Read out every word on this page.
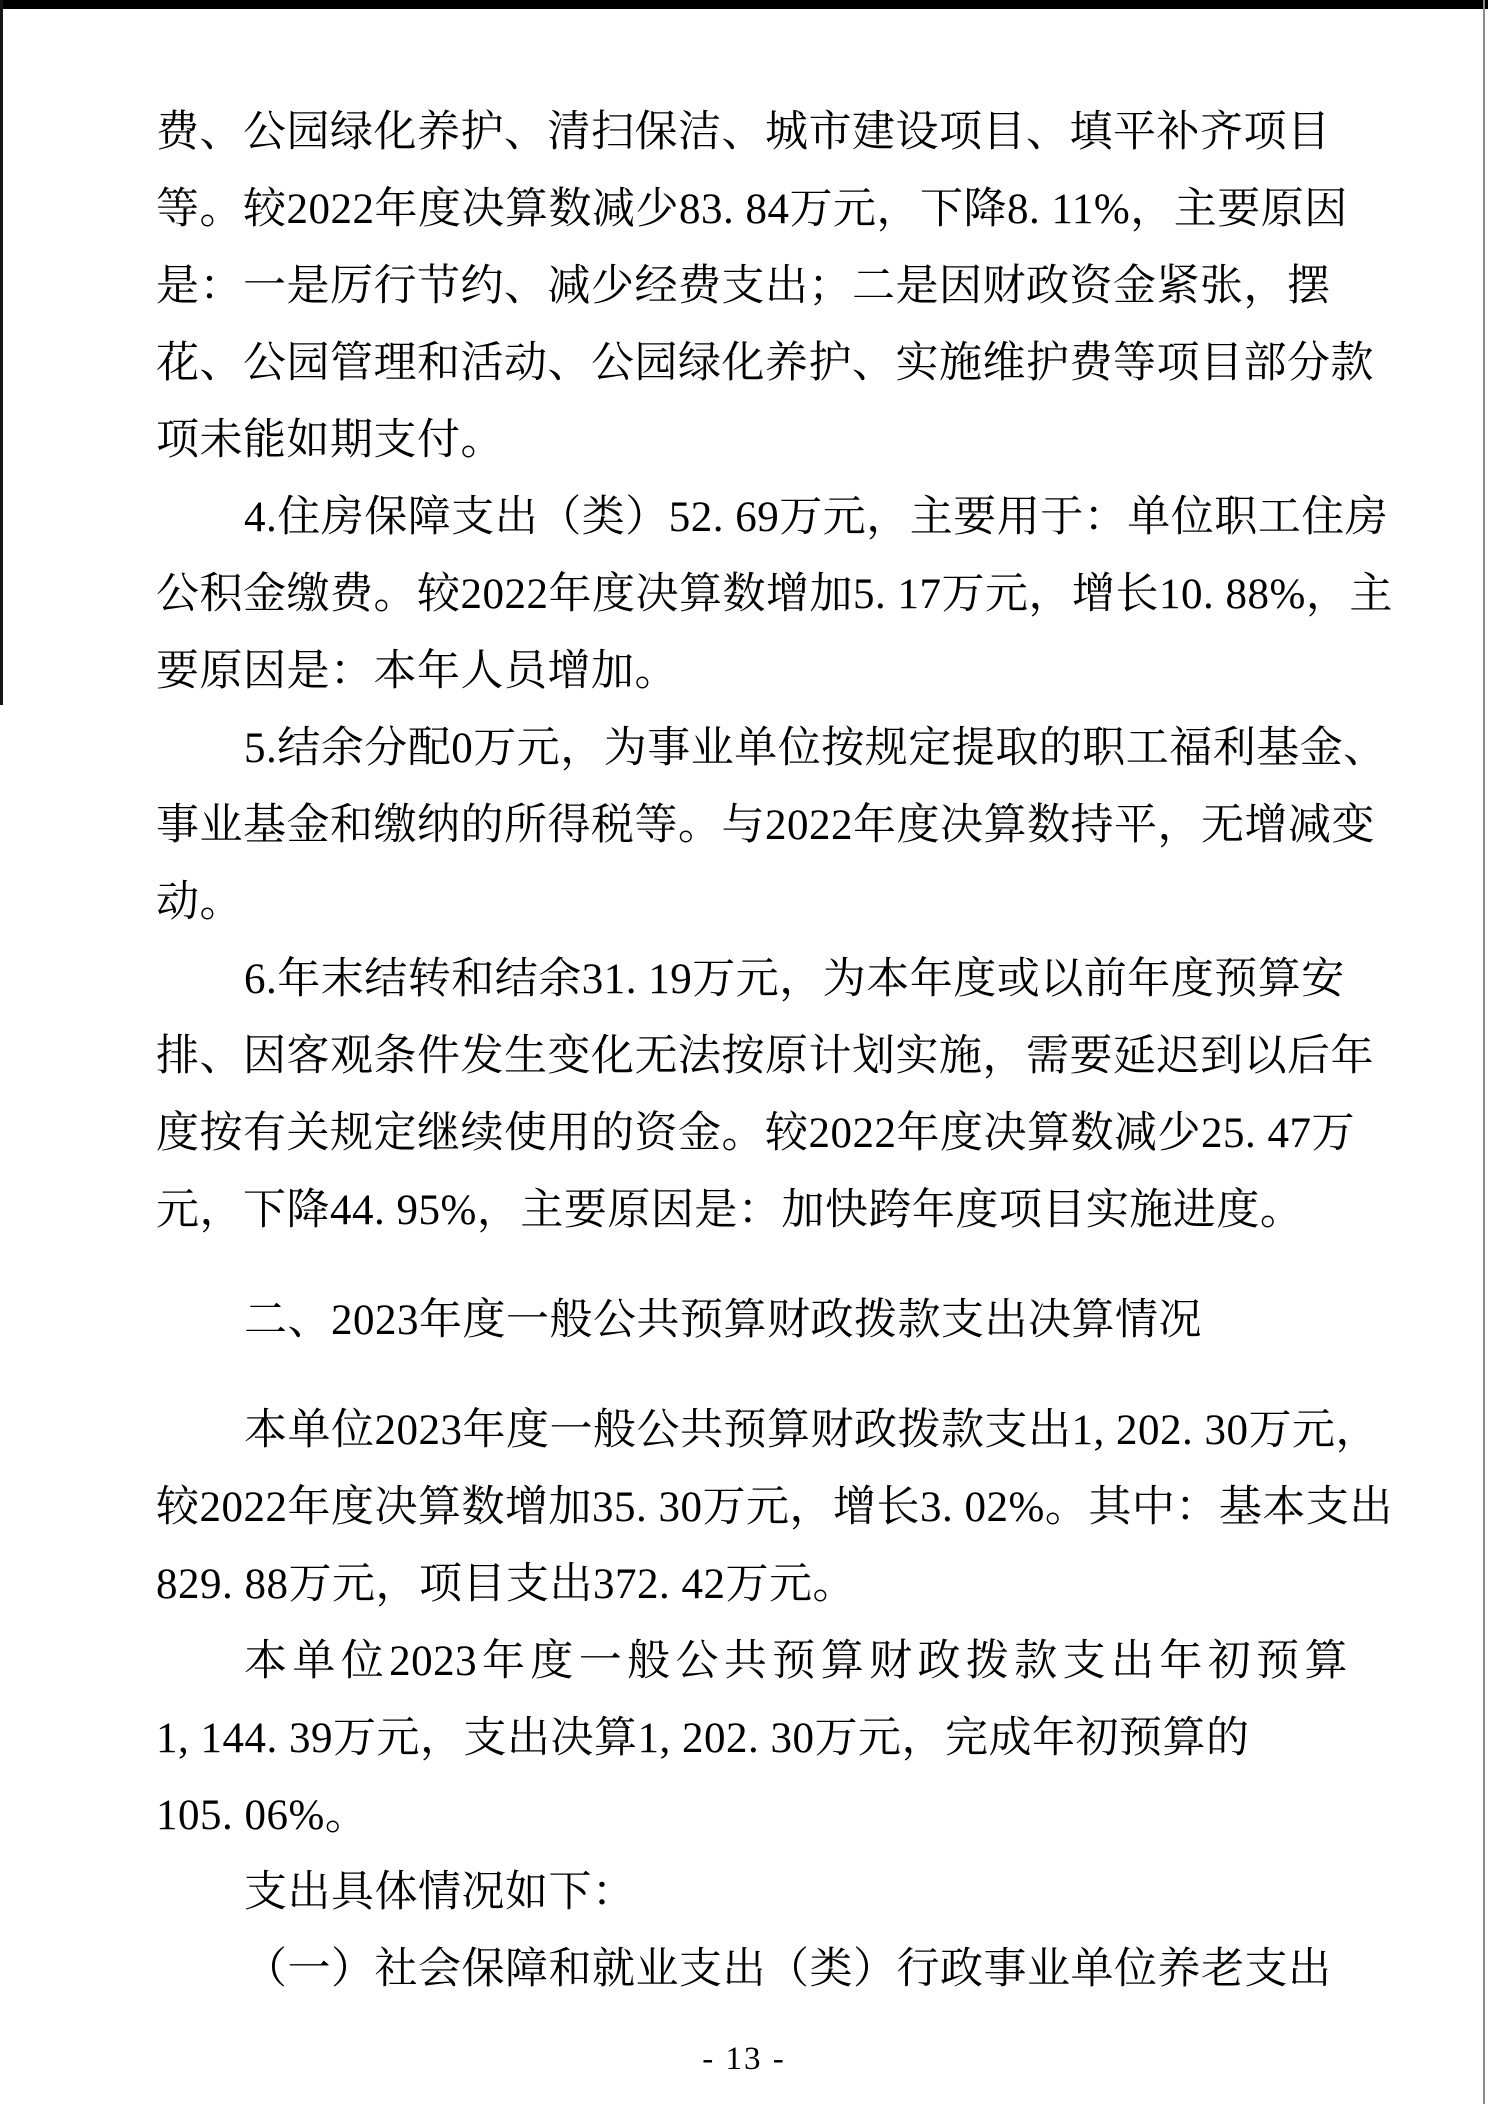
费、公园绿化养护、清扫保洁、城市建设项目、填平补齐项目
等。较2022年度决算数减少83. 84万元，下降8. 11%，主要原因
是：一是厉行节约、减少经费支出；二是因财政资金紧张，摆
花、公园管理和活动、公园绿化养护、实施维护费等项目部分款
项未能如期支付。
4.住房保障支出（类）52. 69万元，主要用于：单位职工住房
公积金缴费。较2022年度决算数增加5. 17万元，增长10. 88%，主
要原因是：本年人员增加。
5.结余分配0万元，为事业单位按规定提取的职工福利基金、
事业基金和缴纳的所得税等。与2022年度决算数持平，无增减变
动。
6.年末结转和结余31. 19万元，为本年度或以前年度预算安
排、因客观条件发生变化无法按原计划实施，需要延迟到以后年
度按有关规定继续使用的资金。较2022年度决算数减少25. 47万
元，下降44. 95%，主要原因是：加快跨年度项目实施进度。
二、2023年度一般公共预算财政拨款支出决算情况
本单位2023年度一般公共预算财政拨款支出1, 202. 30万元，
较2022年度决算数增加35. 30万元，增长3. 02%。其中：基本支出
829. 88万元，项目支出372. 42万元。
本单位2023年度一般公共预算财政拨款支出年初预算
1, 144. 39万元，支出决算1, 202. 30万元，完成年初预算的
105. 06%。
支出具体情况如下：
（一）社会保障和就业支出（类）行政事业单位养老支出
- 13 -
